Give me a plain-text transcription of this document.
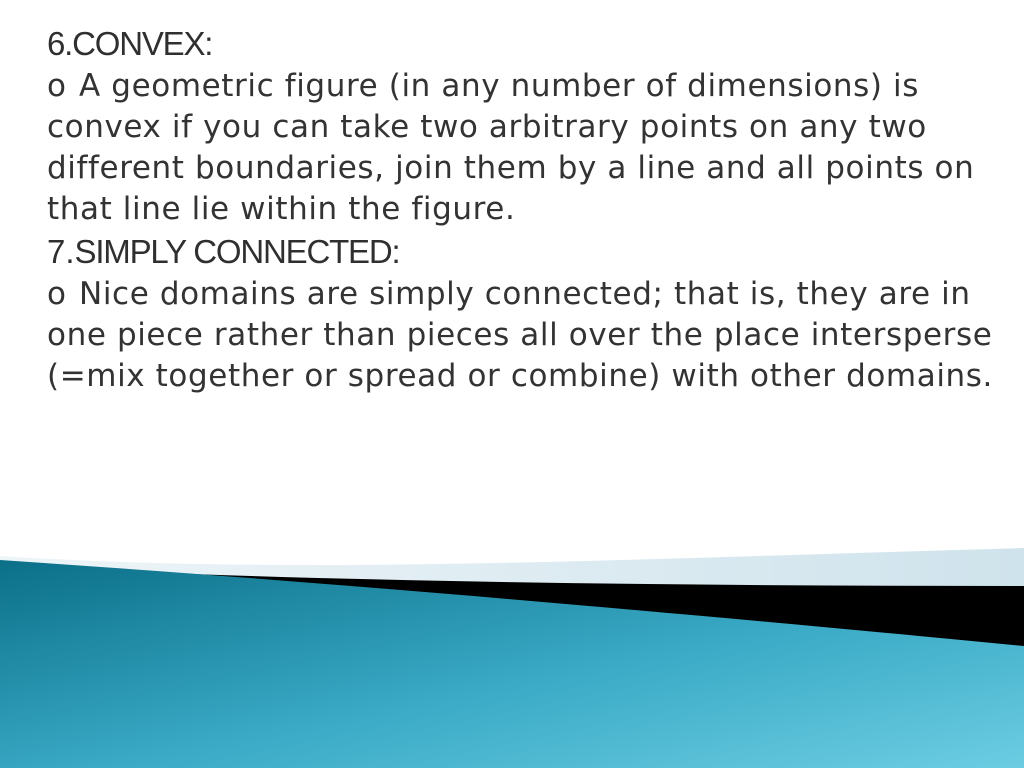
6.CONVEX:

o A geometric figure (in any number of dimensions) is convex if you can take two arbitrary points on any two different boundaries, join them by a line and all points on that line lie within the figure.

7.SIMPLY CONNECTED:

o Nice domains are simply connected; that is, they are in one piece rather than pieces all over the place intersperse (=mix together or spread or combine) with other domains.
